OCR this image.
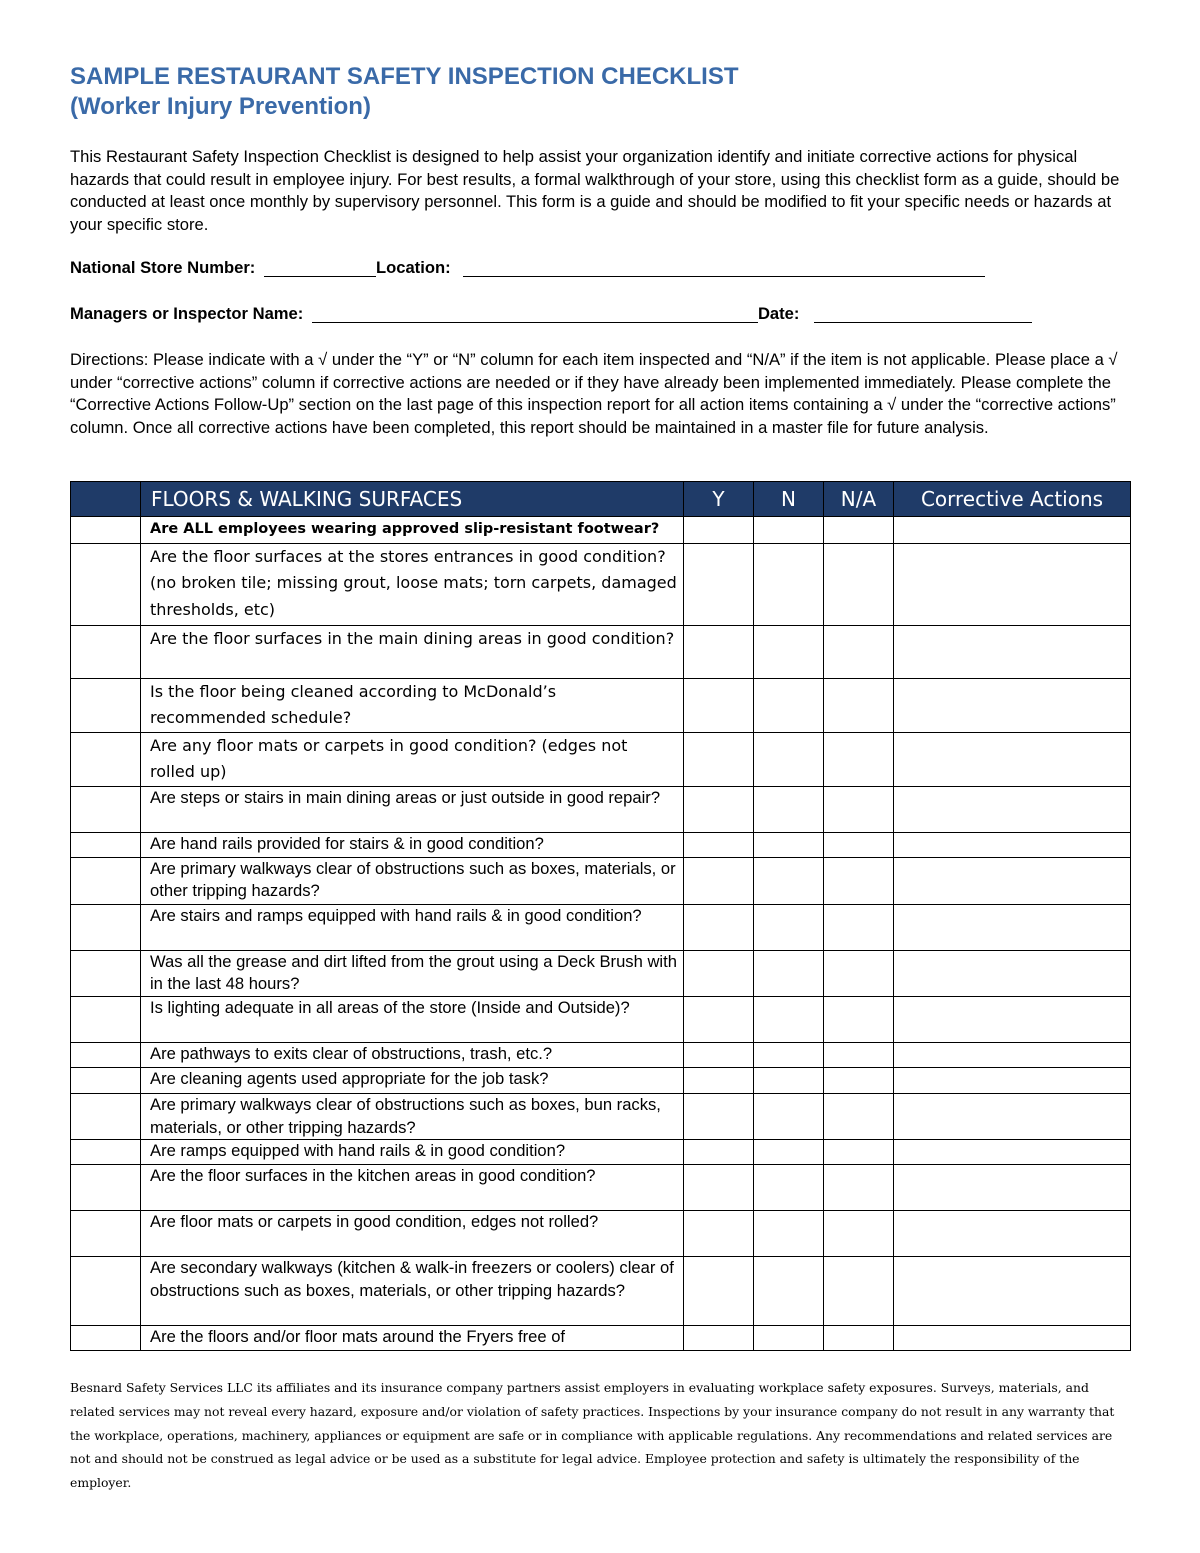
SAMPLE RESTAURANT SAFETY INSPECTION CHECKLIST
(Worker Injury Prevention)

This Restaurant Safety Inspection Checklist is designed to help assist your organization identify and initiate corrective actions for physical hazards that could result in employee injury. For best results, a formal walkthrough of your store, using this checklist form as a guide, should be conducted at least once monthly by supervisory personnel. This form is a guide and should be modified to fit your specific needs or hazards at your specific store.

National Store Number:	Location:
Managers or Inspector Name:	Date:

Directions: Please indicate with a √ under the “Y” or “N” column for each item inspected and “N/A” if the item is not applicable. Please place a √ under “corrective actions” column if corrective actions are needed or if they have already been implemented immediately. Please complete the “Corrective Actions Follow-Up” section on the last page of this inspection report for all action items containing a √ under the “corrective actions” column. Once all corrective actions have been completed, this report should be maintained in a master file for future analysis.

	FLOORS & WALKING SURFACES	Y	N	N/A	Corrective Actions
	Are ALL employees wearing approved slip-resistant footwear?				
	Are the floor surfaces at the stores entrances in good condition? (no broken tile; missing grout, loose mats; torn carpets, damaged thresholds, etc)				
	Are the floor surfaces in the main dining areas in good condition?				
	Is the floor being cleaned according to McDonald’s recommended schedule?				
	Are any floor mats or carpets in good condition? (edges not rolled up)				
	Are steps or stairs in main dining areas or just outside in good repair?				
	Are hand rails provided for stairs & in good condition?				
	Are primary walkways clear of obstructions such as boxes, materials, or other tripping hazards?				
	Are stairs and ramps equipped with hand rails & in good condition?				
	Was all the grease and dirt lifted from the grout using a Deck Brush with in the last 48 hours?				
	Is lighting adequate in all areas of the store (Inside and Outside)?				
	Are pathways to exits clear of obstructions, trash, etc.?				
	Are cleaning agents used appropriate for the job task?				
	Are primary walkways clear of obstructions such as boxes, bun racks, materials, or other tripping hazards?				
	Are ramps equipped with hand rails & in good condition?				
	Are the floor surfaces in the kitchen areas in good condition?				
	Are floor mats or carpets in good condition, edges not rolled?				
	Are secondary walkways (kitchen & walk-in freezers or coolers) clear of obstructions such as boxes, materials, or other tripping hazards?				
	Are the floors and/or floor mats around the Fryers free of				

Besnard Safety Services LLC its affiliates and its insurance company partners assist employers in evaluating workplace safety exposures. Surveys, materials, and related services may not reveal every hazard, exposure and/or violation of safety practices. Inspections by your insurance company do not result in any warranty that the workplace, operations, machinery, appliances or equipment are safe or in compliance with applicable regulations. Any recommendations and related services are not and should not be construed as legal advice or be used as a substitute for legal advice. Employee protection and safety is ultimately the responsibility of the employer.
